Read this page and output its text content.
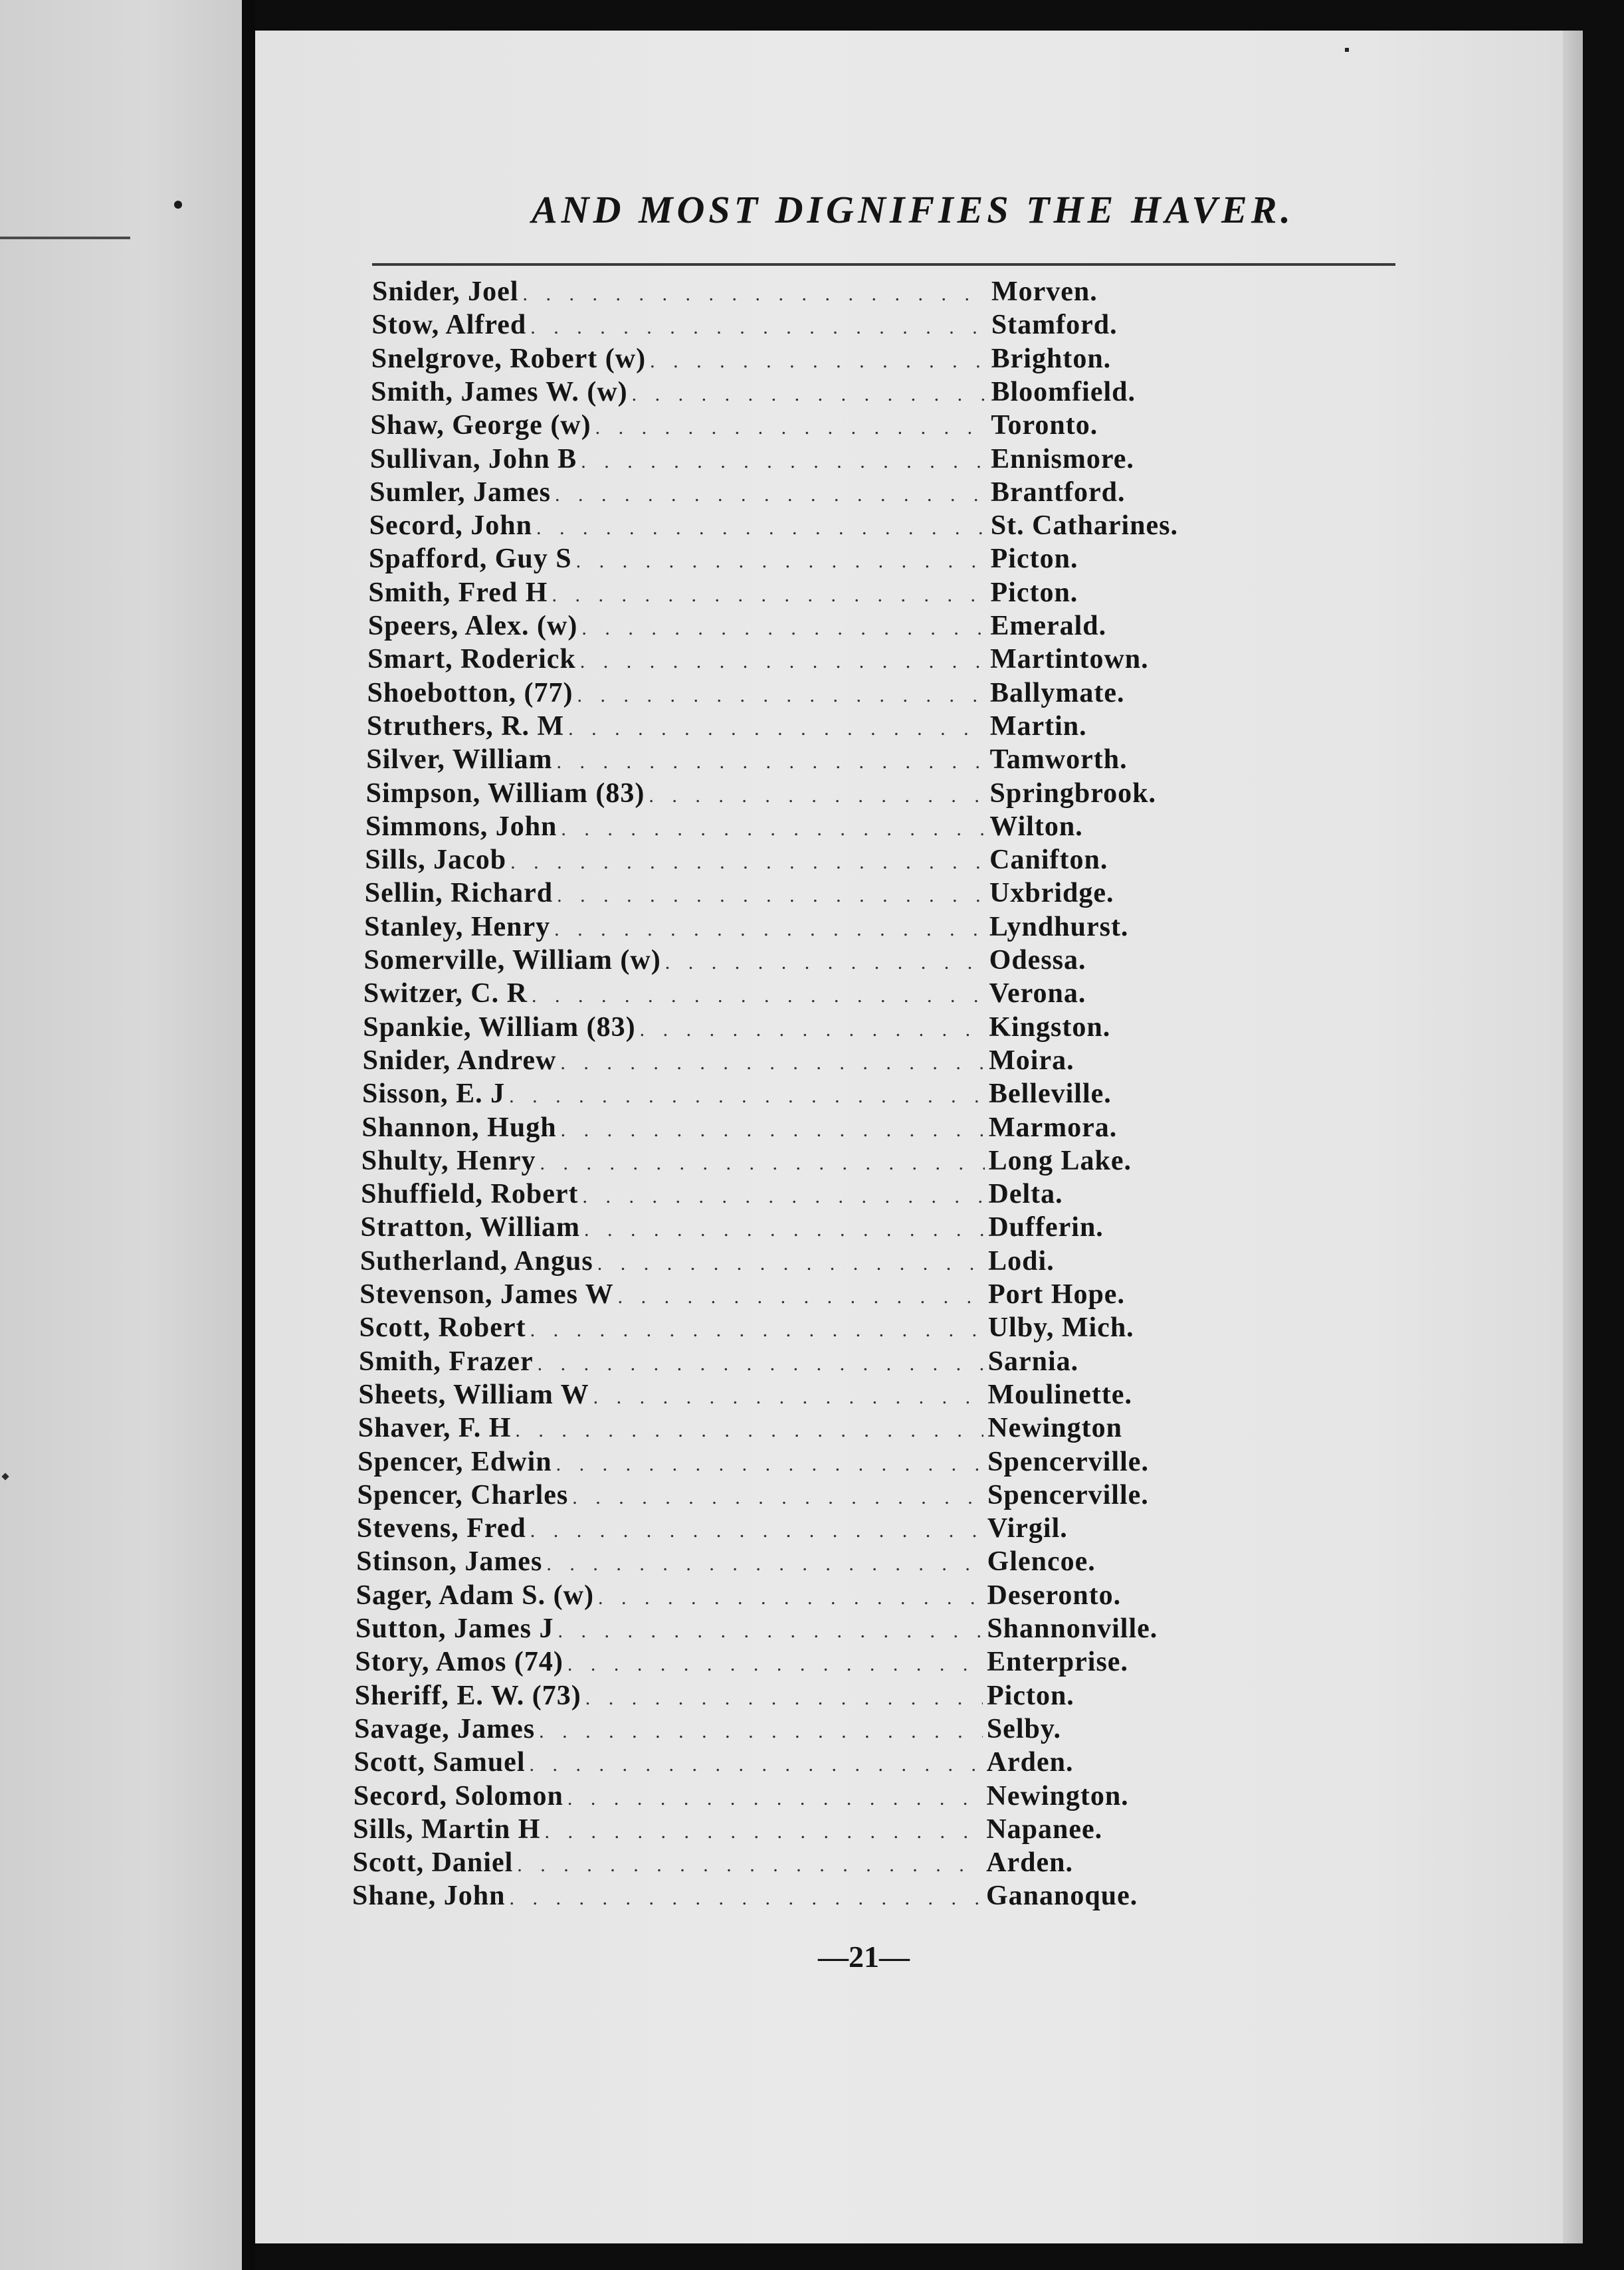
AND MOST DIGNIFIES THE HAVER.
Snider, Joel . . .	Morven.
Stow, Alfred . . .	Stamford.
Snelgrove, Robert (w) . . .	Brighton.
Smith, James W. (w) . . .	Bloomfield.
Shaw, George (w) . . .	Toronto.
Sullivan, John B . . .	Ennismore.
Sumler, James . . .	Brantford.
Secord, John . . .	St. Catharines.
Spafford, Guy S . . .	Picton.
Smith, Fred H . . .	Picton.
Speers, Alex. (w) . . .	Emerald.
Smart, Roderick . . .	Martintown.
Shoebotton, (77) . . .	Ballymate.
Struthers, R. M . . .	Martin.
Silver, William . . .	Tamworth.
Simpson, William (83) . . .	Springbrook.
Simmons, John . . .	Wilton.
Sills, Jacob . . .	Canifton.
Sellin, Richard . . .	Uxbridge.
Stanley, Henry . . .	Lyndhurst.
Somerville, William (w) . . .	Odessa.
Switzer, C. R . . .	Verona.
Spankie, William (83) . . .	Kingston.
Snider, Andrew . . .	Moira.
Sisson, E. J . . .	Belleville.
Shannon, Hugh . . .	Marmora.
Shulty, Henry . . .	Long Lake.
Shuffield, Robert . . .	Delta.
Stratton, William . . .	Dufferin.
Sutherland, Angus . . .	Lodi.
Stevenson, James W . . .	Port Hope.
Scott, Robert . . .	Ulby, Mich.
Smith, Frazer . . .	Sarnia.
Sheets, William W . . .	Moulinette.
Shaver, F. H . . .	Newington
Spencer, Edwin . . .	Spencerville.
Spencer, Charles . . .	Spencerville.
Stevens, Fred . . .	Virgil.
Stinson, James . . .	Glencoe.
Sager, Adam S. (w) . . .	Deseronto.
Sutton, James J . . .	Shannonville.
Story, Amos (74) . . .	Enterprise.
Sheriff, E. W. (73) . . .	Picton.
Savage, James . . .	Selby.
Scott, Samuel . . .	Arden.
Secord, Solomon . . .	Newington.
Sills, Martin H . . .	Napanee.
Scott, Daniel . . .	Arden.
Shane, John . . .	Gananoque.
—21—
